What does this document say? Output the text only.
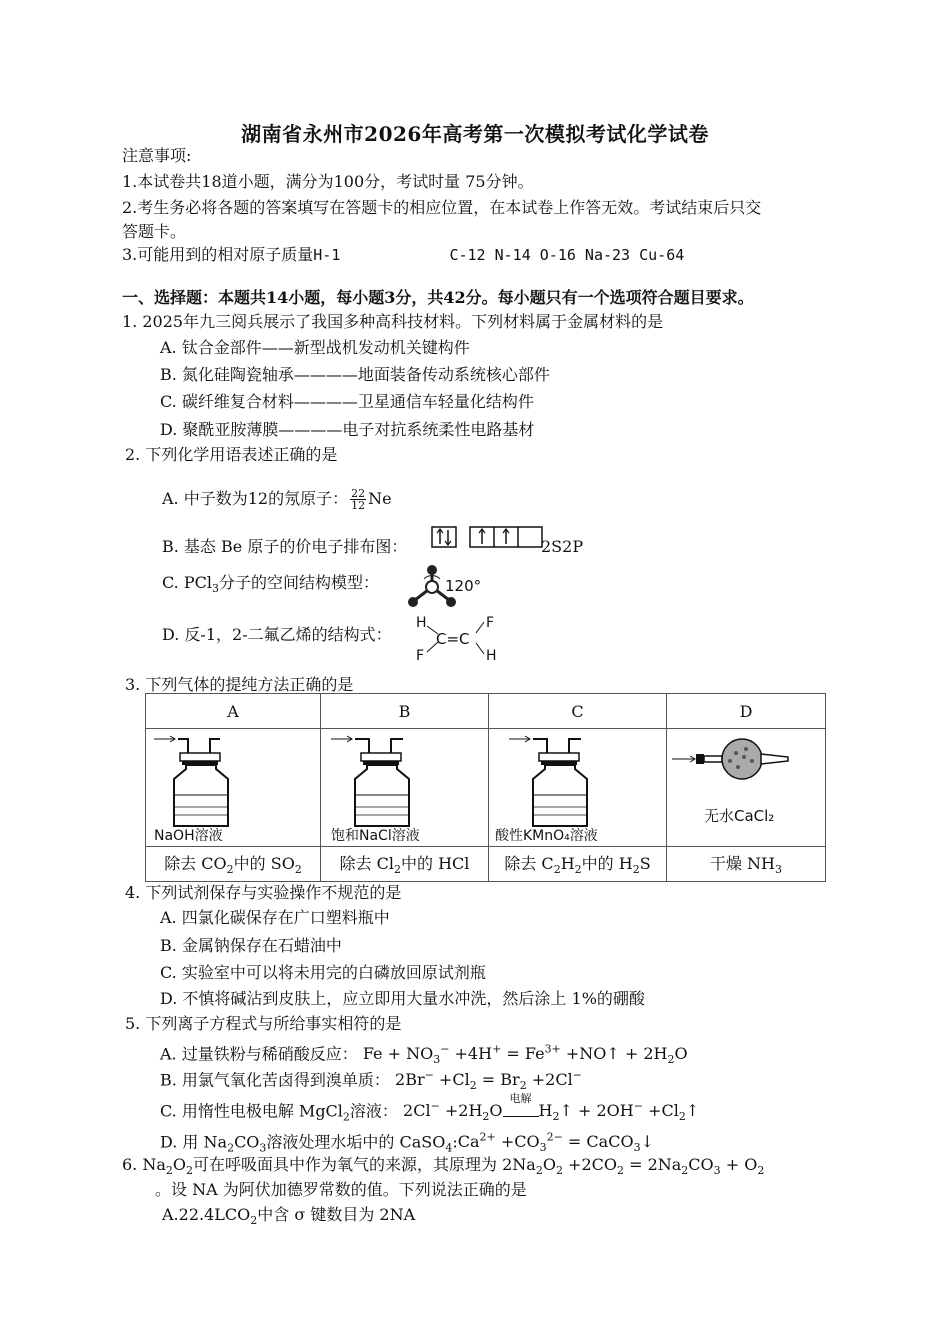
湖南省永州市2026年高考第一次模拟考试化学试卷
注意事项:
1.本试卷共18道小题，满分为100分，考试时量 75分钟。
2.考生务必将各题的答案填写在答题卡的相应位置，在本试卷上作答无效。考试结束后只交
答题卡。
3.可能用到的相对原子质量H-1	C-12 N-14 O-16 Na-23 Cu-64
一、选择题：本题共14小题，每小题3分，共42分。每小题只有一个选项符合题目要求。
1. 2025年九三阅兵展示了我国多种高科技材料。下列材料属于金属材料的是
A. 钛合金部件——新型战机发动机关键构件
B. 氮化硅陶瓷轴承————地面装备传动系统核心部件
C. 碳纤维复合材料————卫星通信车轻量化结构件
D. 聚酰亚胺薄膜————电子对抗系统柔性电路基材
2. 下列化学用语表述正确的是
A. 中子数为12的氖原子： $\frac{22}{12}$ Ne
B. 基态 Be 原子的价电子排布图：	2S2P
C. PCl$_3$分子的空间结构模型：	120°
D. 反-1，2-二氟乙烯的结构式：
H	F
C=C
F	H
3. 下列气体的提纯方法正确的是
A	B	C	D

NaOH溶液	饱和NaCl溶液	酸性KMnO₄溶液	无水CaCl₂

除去 $CO_2$中的 $SO_2$	除去 $Cl_2$中的 HCl	除去 $C_2H_2$中的 $H_2S$	干燥 $NH_3$
4. 下列试剂保存与实验操作不规范的是
A. 四氯化碳保存在广口塑料瓶中
B. 金属钠保存在石蜡油中
C. 实验室中可以将未用完的白磷放回原试剂瓶
D. 不慎将碱沾到皮肤上，应立即用大量水冲洗，然后涂上 1%的硼酸
5. 下列离子方程式与所给事实相符的是
A. 过量铁粉与稀硝酸反应： $Fe + NO_3^- +4H^+ = Fe^{3+}$ +NO↑ + $2H_2O$
B. 用氯气氧化苦卤得到溴单质： $2Br^- +Cl_2 = Br_2 +2Cl^-$
C. 用惰性电极电解 MgCl$_2$溶液： $2Cl^- +2H_2O$
电解
$H_2↑ + 2OH^-$ $+Cl_2↑$
D. 用 $Na_2CO_3$溶液处理水垢中的 $CaSO_4:Ca^{2+} +CO_3^{2-}$ = CaCO$_3$↓
6. $Na_2O_2$可在呼吸面具中作为氧气的来源，其原理为 $2Na_2O_2 +2CO_2 = 2Na_2CO_3 + O_2$
。设 NA 为阿伏加德罗常数的值。下列说法正确的是
$A.22.4LCO_2$中含 σ 键数目为 2NA
